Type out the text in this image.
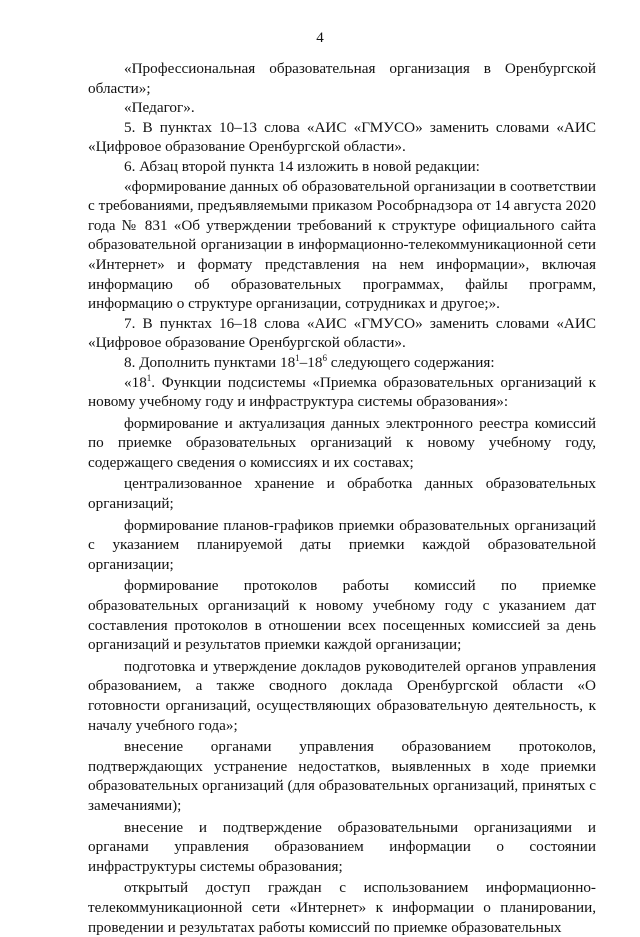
4

«Профессиональная образовательная организация в Оренбургской области»;

«Педагог».

5. В пунктах 10–13 слова «АИС «ГМУСО» заменить словами «АИС «Цифровое образование Оренбургской области».

6. Абзац второй пункта 14 изложить в новой редакции:

«формирование данных об образовательной организации в соответствии с требованиями, предъявляемыми приказом Рособрнадзора от 14 августа 2020 года № 831 «Об утверждении требований к структуре официального сайта образовательной организации в информационно-телекоммуникационной сети «Интернет» и формату представления на нем информации», включая информацию об образовательных программах, файлы программ, информацию о структуре организации, сотрудниках и другое;».

7. В пунктах 16–18 слова «АИС «ГМУСО» заменить словами «АИС «Цифровое образование Оренбургской области».

8. Дополнить пунктами $18^1-18^6$ следующего содержания:

«$18^1$. Функции подсистемы «Приемка образовательных организаций к новому учебному году и инфраструктура системы образования»:

формирование и актуализация данных электронного реестра комиссий по приемке образовательных организаций к новому учебному году, содержащего сведения о комиссиях и их составах;

централизованное хранение и обработка данных образовательных организаций;

формирование планов-графиков приемки образовательных организаций с указанием планируемой даты приемки каждой образовательной организации;

формирование протоколов работы комиссий по приемке образовательных организаций к новому учебному году с указанием дат составления протоколов в отношении всех посещенных комиссией за день организаций и результатов приемки каждой организации;

подготовка и утверждение докладов руководителей органов управления образованием, а также сводного доклада Оренбургской области «О готовности организаций, осуществляющих образовательную деятельность, к началу учебного года»;

внесение органами управления образованием протоколов, подтверждающих устранение недостатков, выявленных в ходе приемки образовательных организаций (для образовательных организаций, принятых с замечаниями);

внесение и подтверждение образовательными организациями и органами управления образованием информации о состоянии инфраструктуры системы образования;

открытый доступ граждан с использованием информационно-телекоммуникационной сети «Интернет» к информации о планировании, проведении и результатах работы комиссий по приемке образовательных
